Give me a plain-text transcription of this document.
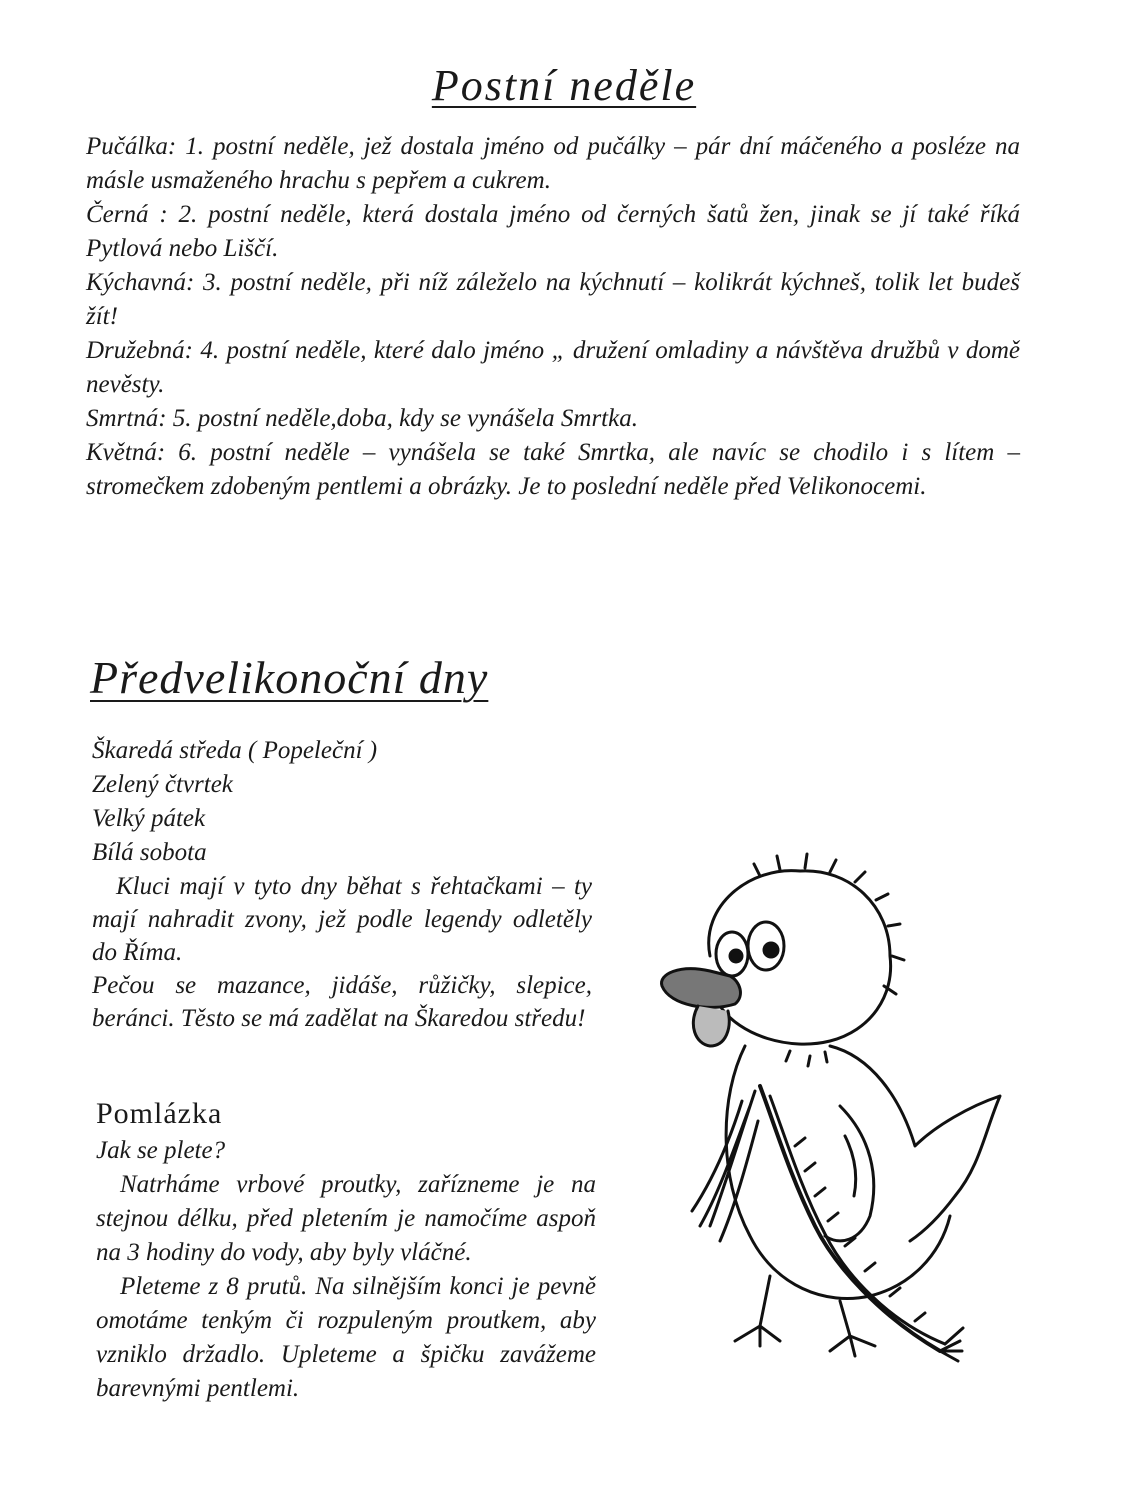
Postní neděle

Pučálka: 1. postní neděle, jež dostala jméno od pučálky – pár dní máčeného a posléze na másle usmaženého hrachu s pepřem a cukrem.

Černá : 2. postní neděle, která dostala jméno od černých šatů žen, jinak se jí také říká Pytlová nebo Liščí.

Kýchavná: 3. postní neděle, při níž záleželo na kýchnutí – kolikrát kýchneš, tolik let budeš žít!

Družebná: 4. postní neděle, které dalo jméno „ družení omladiny a návštěva družbů v domě nevěsty.

Smrtná: 5. postní neděle,doba, kdy se vynášela Smrtka.

Květná: 6. postní neděle – vynášela se také Smrtka, ale navíc se chodilo i s lítem – stromečkem zdobeným pentlemi a obrázky. Je to poslední neděle před Velikonocemi.

Předvelikonoční dny
Škaredá středa ( Popeleční )
Zelený čtvrtek
Velký pátek
Bílá sobota

Kluci mají v tyto dny běhat s řehtačkami – ty mají nahradit zvony, jež podle legendy odletěly do Říma.

Pečou se mazance, jidáše, růžičky, slepice, beránci. Těsto se má zadělat na Škaredou středu!

Pomlázka

Jak se plete?

Natrháme vrbové proutky, zařízneme je na stejnou délku, před pletením je namočíme aspoň na 3 hodiny do vody, aby byly vláčné.

Pleteme z 8 prutů. Na silnějším konci je pevně omotáme tenkým či rozpuleným proutkem, aby vzniklo držadlo. Upleteme a špičku zavážeme barevnými pentlemi.
